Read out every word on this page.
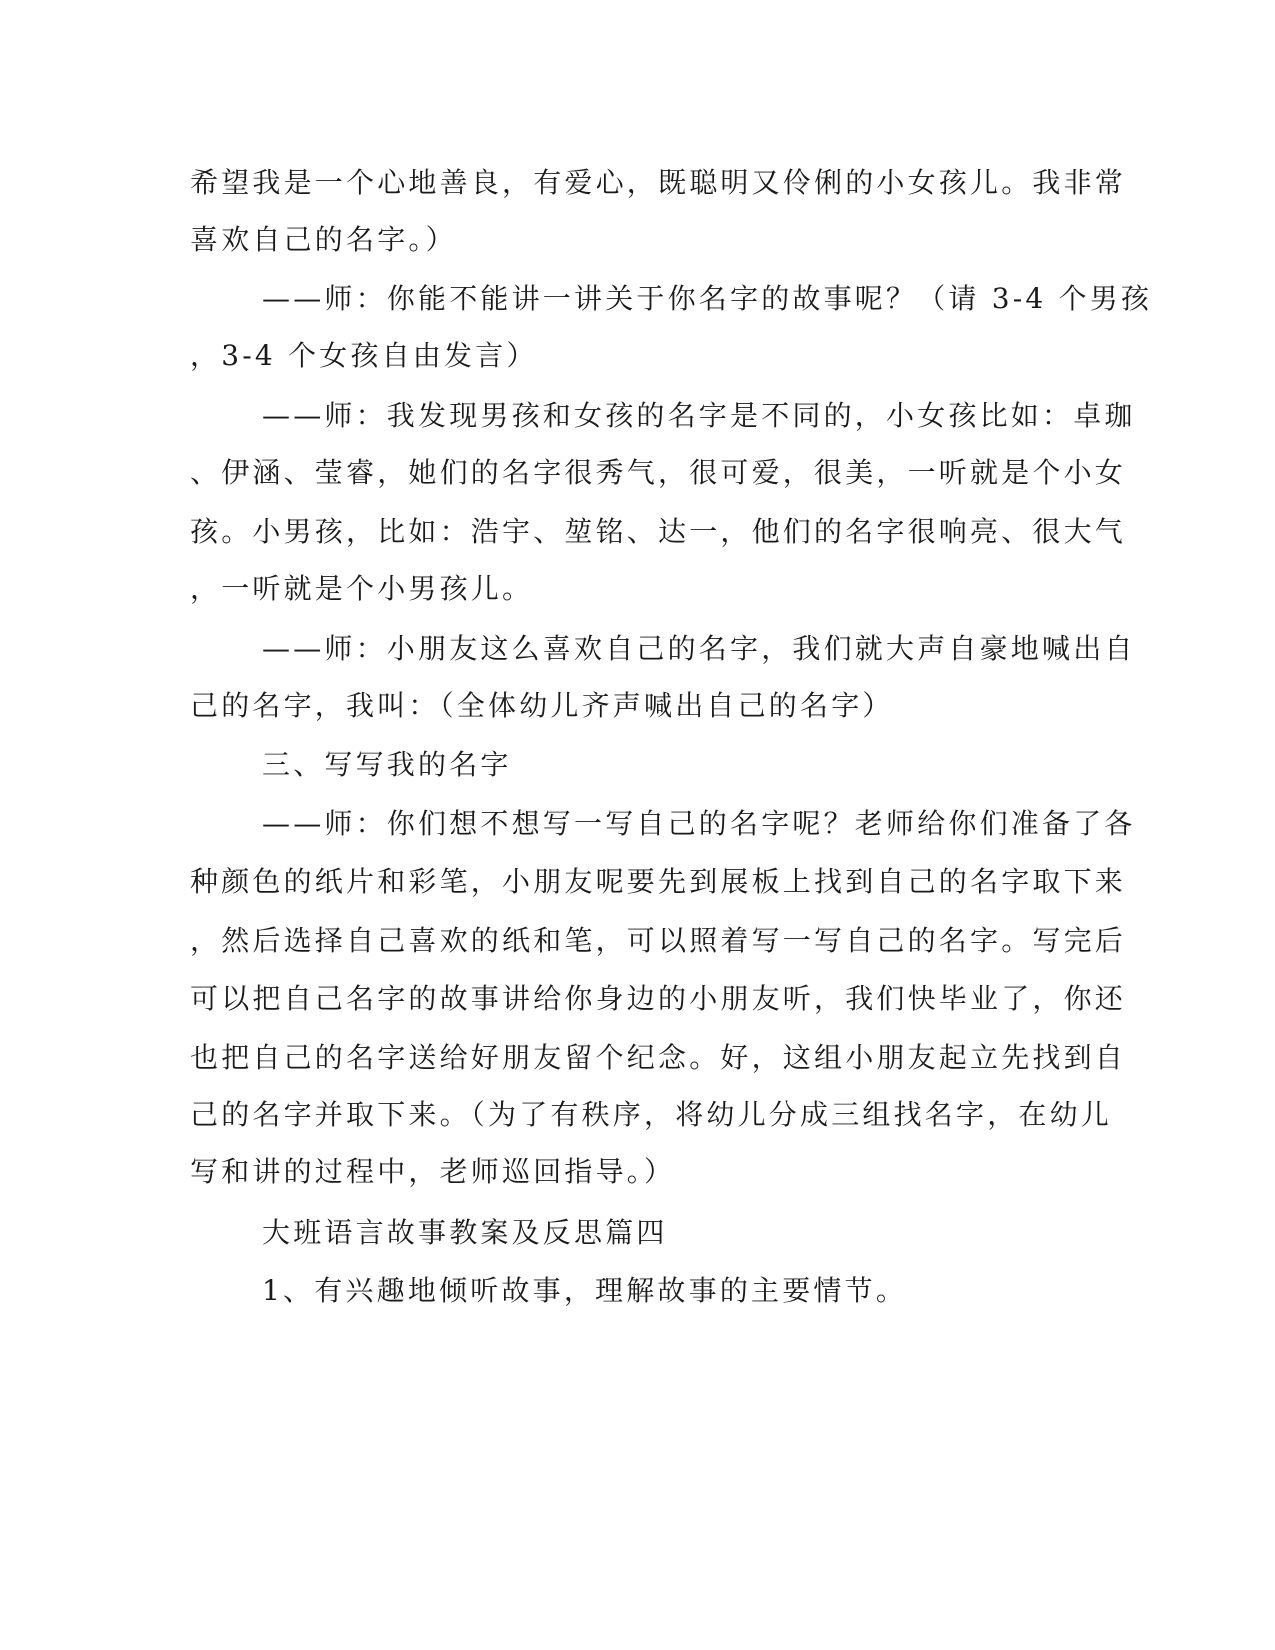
希望我是一个心地善良，有爱心，既聪明又伶俐的小女孩儿。我非常
喜欢自己的名字。）
——师：你能不能讲一讲关于你名字的故事呢？（请 3-4 个男孩
，3-4 个女孩自由发言）
——师：我发现男孩和女孩的名字是不同的，小女孩比如：卓珈
、伊涵、莹睿，她们的名字很秀气，很可爱，很美，一听就是个小女
孩。小男孩，比如：浩宇、堃铭、达一，他们的名字很响亮、很大气
，一听就是个小男孩儿。
——师：小朋友这么喜欢自己的名字，我们就大声自豪地喊出自
己的名字，我叫：（全体幼儿齐声喊出自己的名字）
三、写写我的名字
——师：你们想不想写一写自己的名字呢？老师给你们准备了各
种颜色的纸片和彩笔，小朋友呢要先到展板上找到自己的名字取下来
，然后选择自己喜欢的纸和笔，可以照着写一写自己的名字。写完后
可以把自己名字的故事讲给你身边的小朋友听，我们快毕业了，你还
也把自己的名字送给好朋友留个纪念。好，这组小朋友起立先找到自
己的名字并取下来。（为了有秩序，将幼儿分成三组找名字，在幼儿
写和讲的过程中，老师巡回指导。）
大班语言故事教案及反思篇四
1、有兴趣地倾听故事，理解故事的主要情节。
